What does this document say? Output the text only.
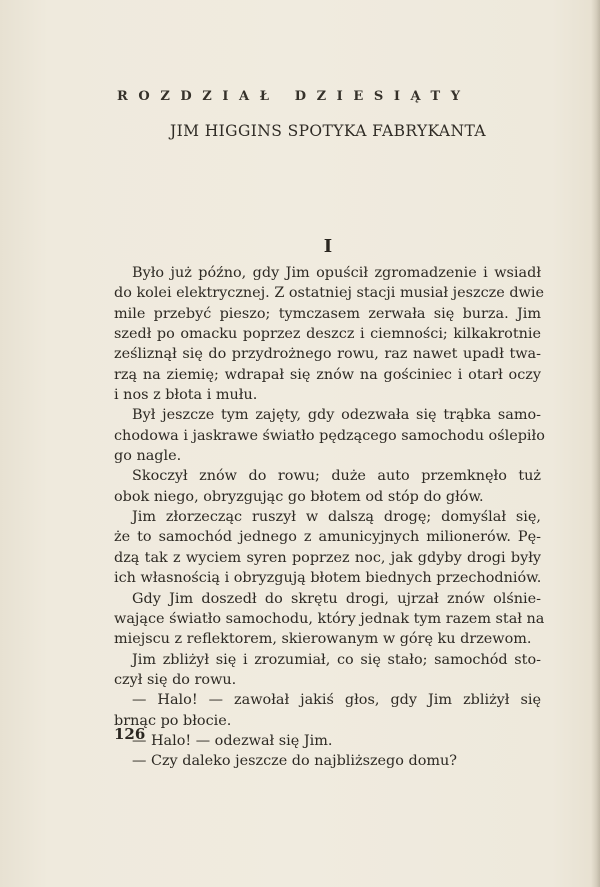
ROZDZIAŁ DZIESIĄTY
JIM HIGGINS SPOTYKA FABRYKANTA
I
Było już późno, gdy Jim opuścił zgromadzenie i wsiadł
do kolei elektrycznej. Z ostatniej stacji musiał jeszcze dwie
mile przebyć pieszo; tymczasem zerwała się burza. Jim
szedł po omacku poprzez deszcz i ciemności; kilkakrotnie
ześliznął się do przydrożnego rowu, raz nawet upadł twa-
rzą na ziemię; wdrapał się znów na gościniec i otarł oczy
i nos z błota i mułu.
Był jeszcze tym zajęty, gdy odezwała się trąbka samo-
chodowa i jaskrawe światło pędzącego samochodu oślepiło
go nagle.
Skoczył znów do rowu; duże auto przemknęło tuż
obok niego, obryzgując go błotem od stóp do głów.
Jim złorzecząc ruszył w dalszą drogę; domyślał się,
że to samochód jednego z amunicyjnych milionerów. Pę-
dzą tak z wyciem syren poprzez noc, jak gdyby drogi były
ich własnością i obryzgują błotem biednych przechodniów.
Gdy Jim doszedł do skrętu drogi, ujrzał znów olśnie-
wające światło samochodu, który jednak tym razem stał na
miejscu z reflektorem, skierowanym w górę ku drzewom.
Jim zbliżył się i zrozumiał, co się stało; samochód sto-
czył się do rowu.
— Halo! — zawołał jakiś głos, gdy Jim zbliżył się
brnąc po błocie.
— Halo! — odezwał się Jim.
— Czy daleko jeszcze do najbliższego domu?
126
